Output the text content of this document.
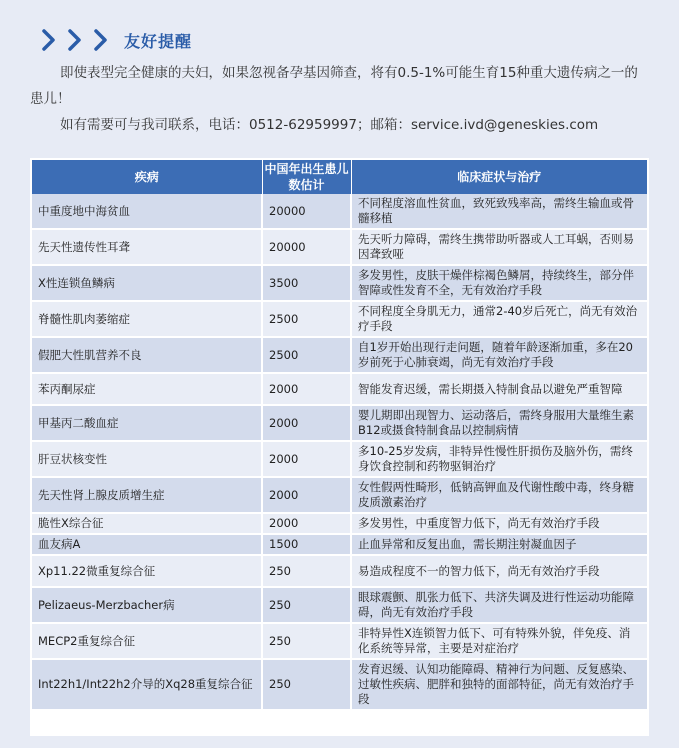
友好提醒

即使表型完全健康的夫妇，如果忽视备孕基因筛查，将有0.5-1%可能生育15种重大遗传病之一的患儿！

如有需要可与我司联系，电话：0512-62959997；邮箱：service.ivd@geneskies.com

疾病	中国年出生患儿数估计	临床症状与治疗
中重度地中海贫血	20000	不同程度溶血性贫血，致死致残率高，需终生输血或骨髓移植
先天性遗传性耳聋	20000	先天听力障碍，需终生携带助听器或人工耳蜗，否则易因聋致哑
X性连锁鱼鳞病	3500	多发男性，皮肤干燥伴棕褐色鳞屑，持续终生，部分伴智障或性发育不全，无有效治疗手段
脊髓性肌肉萎缩症	2500	不同程度全身肌无力，通常2-40岁后死亡，尚无有效治疗手段
假肥大性肌营养不良	2500	自1岁开始出现行走问题，随着年龄逐渐加重，多在20岁前死于心肺衰竭，尚无有效治疗手段
苯丙酮尿症	2000	智能发育迟缓，需长期摄入特制食品以避免严重智障
甲基丙二酸血症	2000	婴儿期即出现智力、运动落后，需终身服用大量维生素B12或摄食特制食品以控制病情
肝豆状核变性	2000	多10-25岁发病，非特异性慢性肝损伤及脑外伤，需终身饮食控制和药物驱铜治疗
先天性肾上腺皮质增生症	2000	女性假两性畸形，低钠高钾血及代谢性酸中毒，终身糖皮质激素治疗
脆性X综合征	2000	多发男性，中重度智力低下，尚无有效治疗手段
血友病A	1500	止血异常和反复出血，需长期注射凝血因子
Xp11.22微重复综合征	250	易造成程度不一的智力低下，尚无有效治疗手段
Pelizaeus-Merzbacher病	250	眼球震颤、肌张力低下、共济失调及进行性运动功能障碍，尚无有效治疗手段
MECP2重复综合征	250	非特异性X连锁智力低下、可有特殊外貌，伴免疫、消化系统等异常，主要是对症治疗
Int22h1/Int22h2介导的Xq28重复综合征	250	发育迟缓、认知功能障碍、精神行为问题、反复感染、过敏性疾病、肥胖和独特的面部特征，尚无有效治疗手段
